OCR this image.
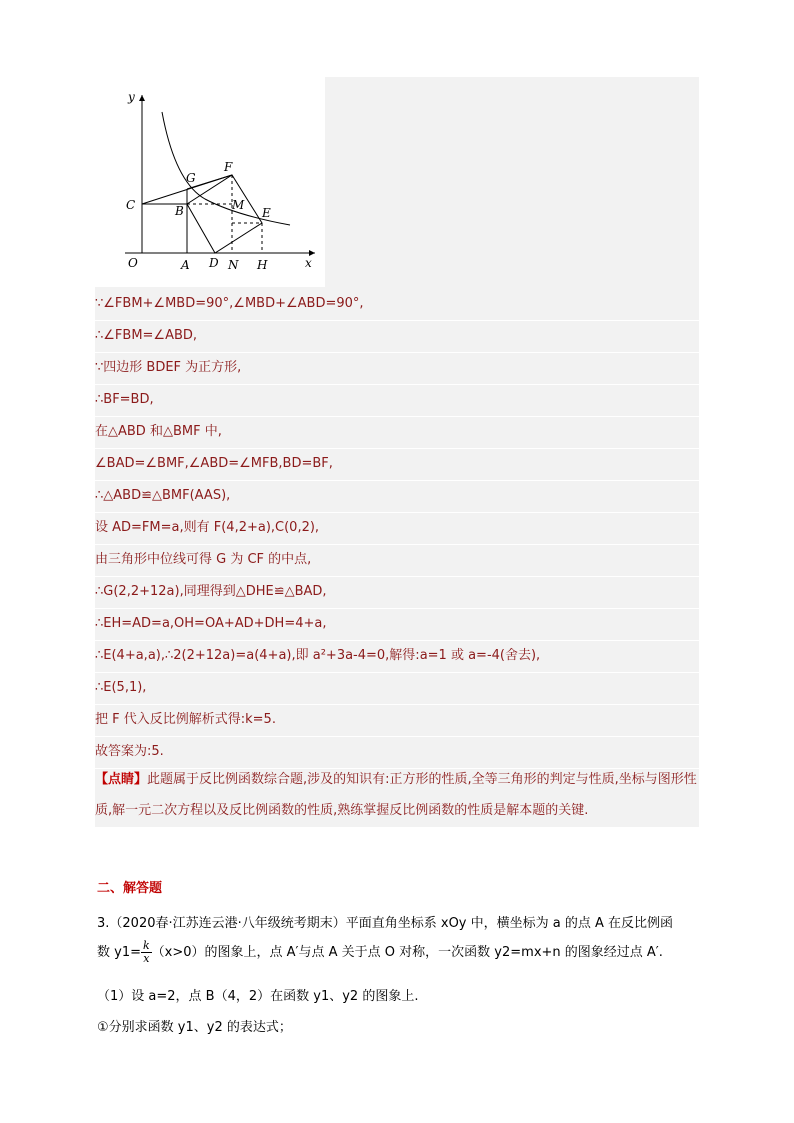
y
x
O
C	B
G
F
M
E
A D N H
∵∠FBM+∠MBD=90°,∠MBD+∠ABD=90°,
∴∠FBM=∠ABD,
∵四边形 BDEF 为正方形,
∴BF=BD,
在△ABD 和△BMF 中,
∠BAD=∠BMF,∠ABD=∠MFB,BD=BF,
∴△ABD≌△BMF(AAS),
设 AD=FM=a,则有 F(4,2+a),C(0,2),
由三角形中位线可得 G 为 CF 的中点,
∴G(2,2+12a),同理得到△DHE≌△BAD,
∴EH=AD=a,OH=OA+AD+DH=4+a,
∴E(4+a,a),∴2(2+12a)=a(4+a),即 a²+3a-4=0,解得:a=1 或 a=-4(舍去),
∴E(5,1),
把 F 代入反比例解析式得:k=5.
故答案为:5.
【点睛】此题属于反比例函数综合题,涉及的知识有:正方形的性质,全等三角形的判定与性质,坐标与图形性质,解一元二次方程以及反比例函数的性质,熟练掌握反比例函数的性质是解本题的关键.
二、解答题
3.（2020春·江苏连云港·八年级统考期末）平面直角坐标系 xOy 中，横坐标为 a 的点 A 在反比例函
数 $y1= \frac{k}{x} (x>0)$的图象上，点 A′与点 A 关于点 O 对称，一次函数 y2=mx+n 的图象经过点 A′.
（1）设 a=2，点 B（4，2）在函数 y1、y2 的图象上.
①分别求函数 y1、y2 的表达式；
